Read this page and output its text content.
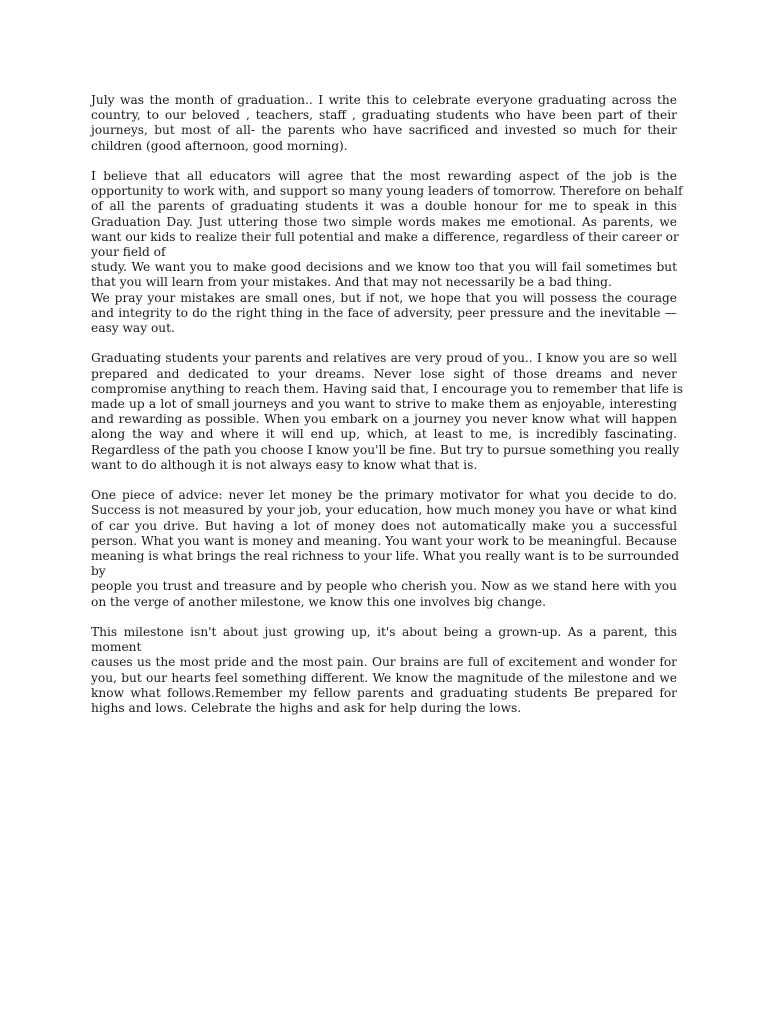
July was the month of graduation.. I write this to celebrate everyone graduating across the
country, to our beloved , teachers, staff , graduating students who have been part of their
journeys, but most of all- the parents who have sacrificed and invested so much for their
children (good afternoon, good morning).

I believe that all educators will agree that the most rewarding aspect of the job is the
opportunity to work with, and support so many young leaders of tomorrow. Therefore on behalf
of all the parents of graduating students it was a double honour for me to speak in this
Graduation Day. Just uttering those two simple words makes me emotional. As parents, we
want our kids to realize their full potential and make a difference, regardless of their career or
your field of
study. We want you to make good decisions and we know too that you will fail sometimes but
that you will learn from your mistakes. And that may not necessarily be a bad thing.
We pray your mistakes are small ones, but if not, we hope that you will possess the courage
and integrity to do the right thing in the face of adversity, peer pressure and the inevitable —
easy way out.

Graduating students your parents and relatives are very proud of you.. I know you are so well
prepared and dedicated to your dreams. Never lose sight of those dreams and never
compromise anything to reach them. Having said that, I encourage you to remember that life is
made up a lot of small journeys and you want to strive to make them as enjoyable, interesting
and rewarding as possible. When you embark on a journey you never know what will happen
along the way and where it will end up, which, at least to me, is incredibly fascinating.
Regardless of the path you choose I know you'll be fine. But try to pursue something you really
want to do although it is not always easy to know what that is.

One piece of advice: never let money be the primary motivator for what you decide to do.
Success is not measured by your job, your education, how much money you have or what kind
of car you drive. But having a lot of money does not automatically make you a successful
person. What you want is money and meaning. You want your work to be meaningful. Because
meaning is what brings the real richness to your life. What you really want is to be surrounded
by
people you trust and treasure and by people who cherish you. Now as we stand here with you
on the verge of another milestone, we know this one involves big change.

This milestone isn't about just growing up, it's about being a grown-up. As a parent, this
moment
causes us the most pride and the most pain. Our brains are full of excitement and wonder for
you, but our hearts feel something different. We know the magnitude of the milestone and we
know what follows.Remember my fellow parents and graduating students Be prepared for
highs and lows. Celebrate the highs and ask for help during the lows.
